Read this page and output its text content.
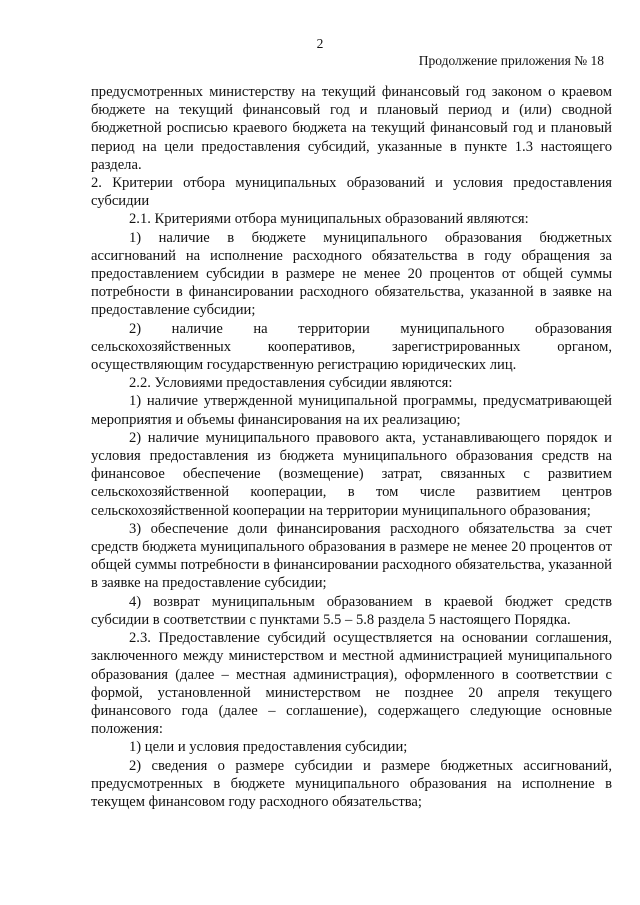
2
Продолжение приложения № 18

предусмотренных министерству на текущий финансовый год законом о краевом бюджете на текущий финансовый год и плановый период и (или) сводной бюджетной росписью краевого бюджета на текущий финансовый год и плановый период на цели предоставления субсидий, указанные в пункте 1.3 настоящего раздела.

2. Критерии отбора муниципальных образований и условия предоставления субсидии

2.1. Критериями отбора муниципальных образований являются:

1) наличие в бюджете муниципального образования бюджетных ассигнований на исполнение расходного обязательства в году обращения за предоставлением субсидии в размере не менее 20 процентов от общей суммы потребности в финансировании расходного обязательства, указанной в заявке на предоставление субсидии;

2) наличие на территории муниципального образования сельскохозяйственных кооперативов, зарегистрированных органом, осуществляющим государственную регистрацию юридических лиц.

2.2. Условиями предоставления субсидии являются:

1) наличие утвержденной муниципальной программы, предусматривающей мероприятия и объемы финансирования на их реализацию;

2) наличие муниципального правового акта, устанавливающего порядок и условия предоставления из бюджета муниципального образования средств на финансовое обеспечение (возмещение) затрат, связанных с развитием сельскохозяйственной кооперации, в том числе развитием центров сельскохозяйственной кооперации на территории муниципального образования;

3) обеспечение доли финансирования расходного обязательства за счет средств бюджета муниципального образования в размере не менее 20 процентов от общей суммы потребности в финансировании расходного обязательства, указанной в заявке на предоставление субсидии;

4) возврат муниципальным образованием в краевой бюджет средств субсидии в соответствии с пунктами 5.5 – 5.8 раздела 5 настоящего Порядка.

2.3. Предоставление субсидий осуществляется на основании соглашения, заключенного между министерством и местной администрацией муниципального образования (далее – местная администрация), оформленного в соответствии с формой, установленной министерством не позднее 20 апреля текущего финансового года (далее – соглашение), содержащего следующие основные положения:

1) цели и условия предоставления субсидии;

2) сведения о размере субсидии и размере бюджетных ассигнований, предусмотренных в бюджете муниципального образования на исполнение в текущем финансовом году расходного обязательства;
